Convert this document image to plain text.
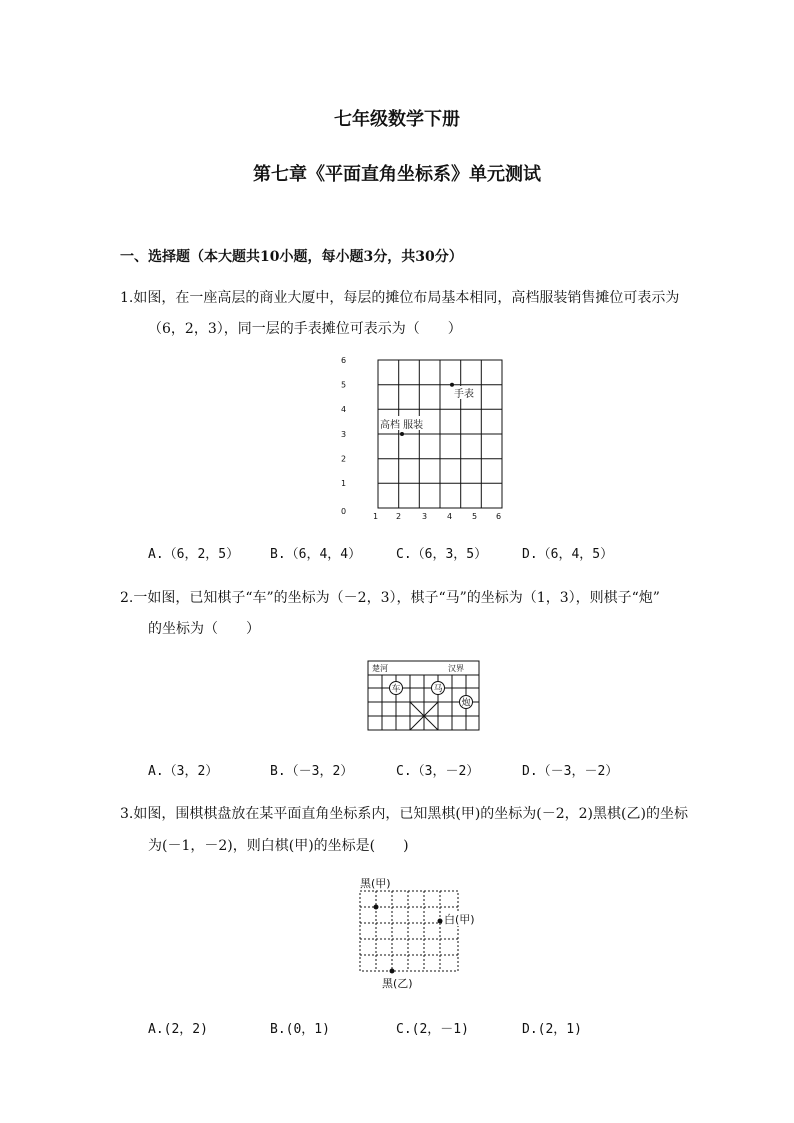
七年级数学下册
第七章《平面直角坐标系》单元测试
一、选择题（本大题共10小题，每小题3分，共30分）
1.如图，在一座高层的商业大厦中，每层的摊位布局基本相同，高档服装销售摊位可表示为
（6，2，3），同一层的手表摊位可表示为（　　）
6
5
4
3
2
1
0
1 2	3 4 5 6
高档 服装
手表
A.（6，2，5） B.（6，4，4）	C.（6，3，5）	D.（6，4，5）
2.一如图，已知棋子“车”的坐标为（－2，3），棋子“马”的坐标为（1，3），则棋子“炮”
的坐标为（　　）
楚河	汉界
车	马
炮
A.（3，2）	B.（－3，2）	C.（3，－2）	D.（－3，－2）
3.如图，围棋棋盘放在某平面直角坐标系内，已知黑棋(甲)的坐标为(－2，2)黑棋(乙)的坐标
为(－1，－2)，则白棋(甲)的坐标是(　　)
黑(甲)
白(甲)
黑(乙)
A.(2，2)	B.(0，1)	C.(2，－1)	D.(2，1)
